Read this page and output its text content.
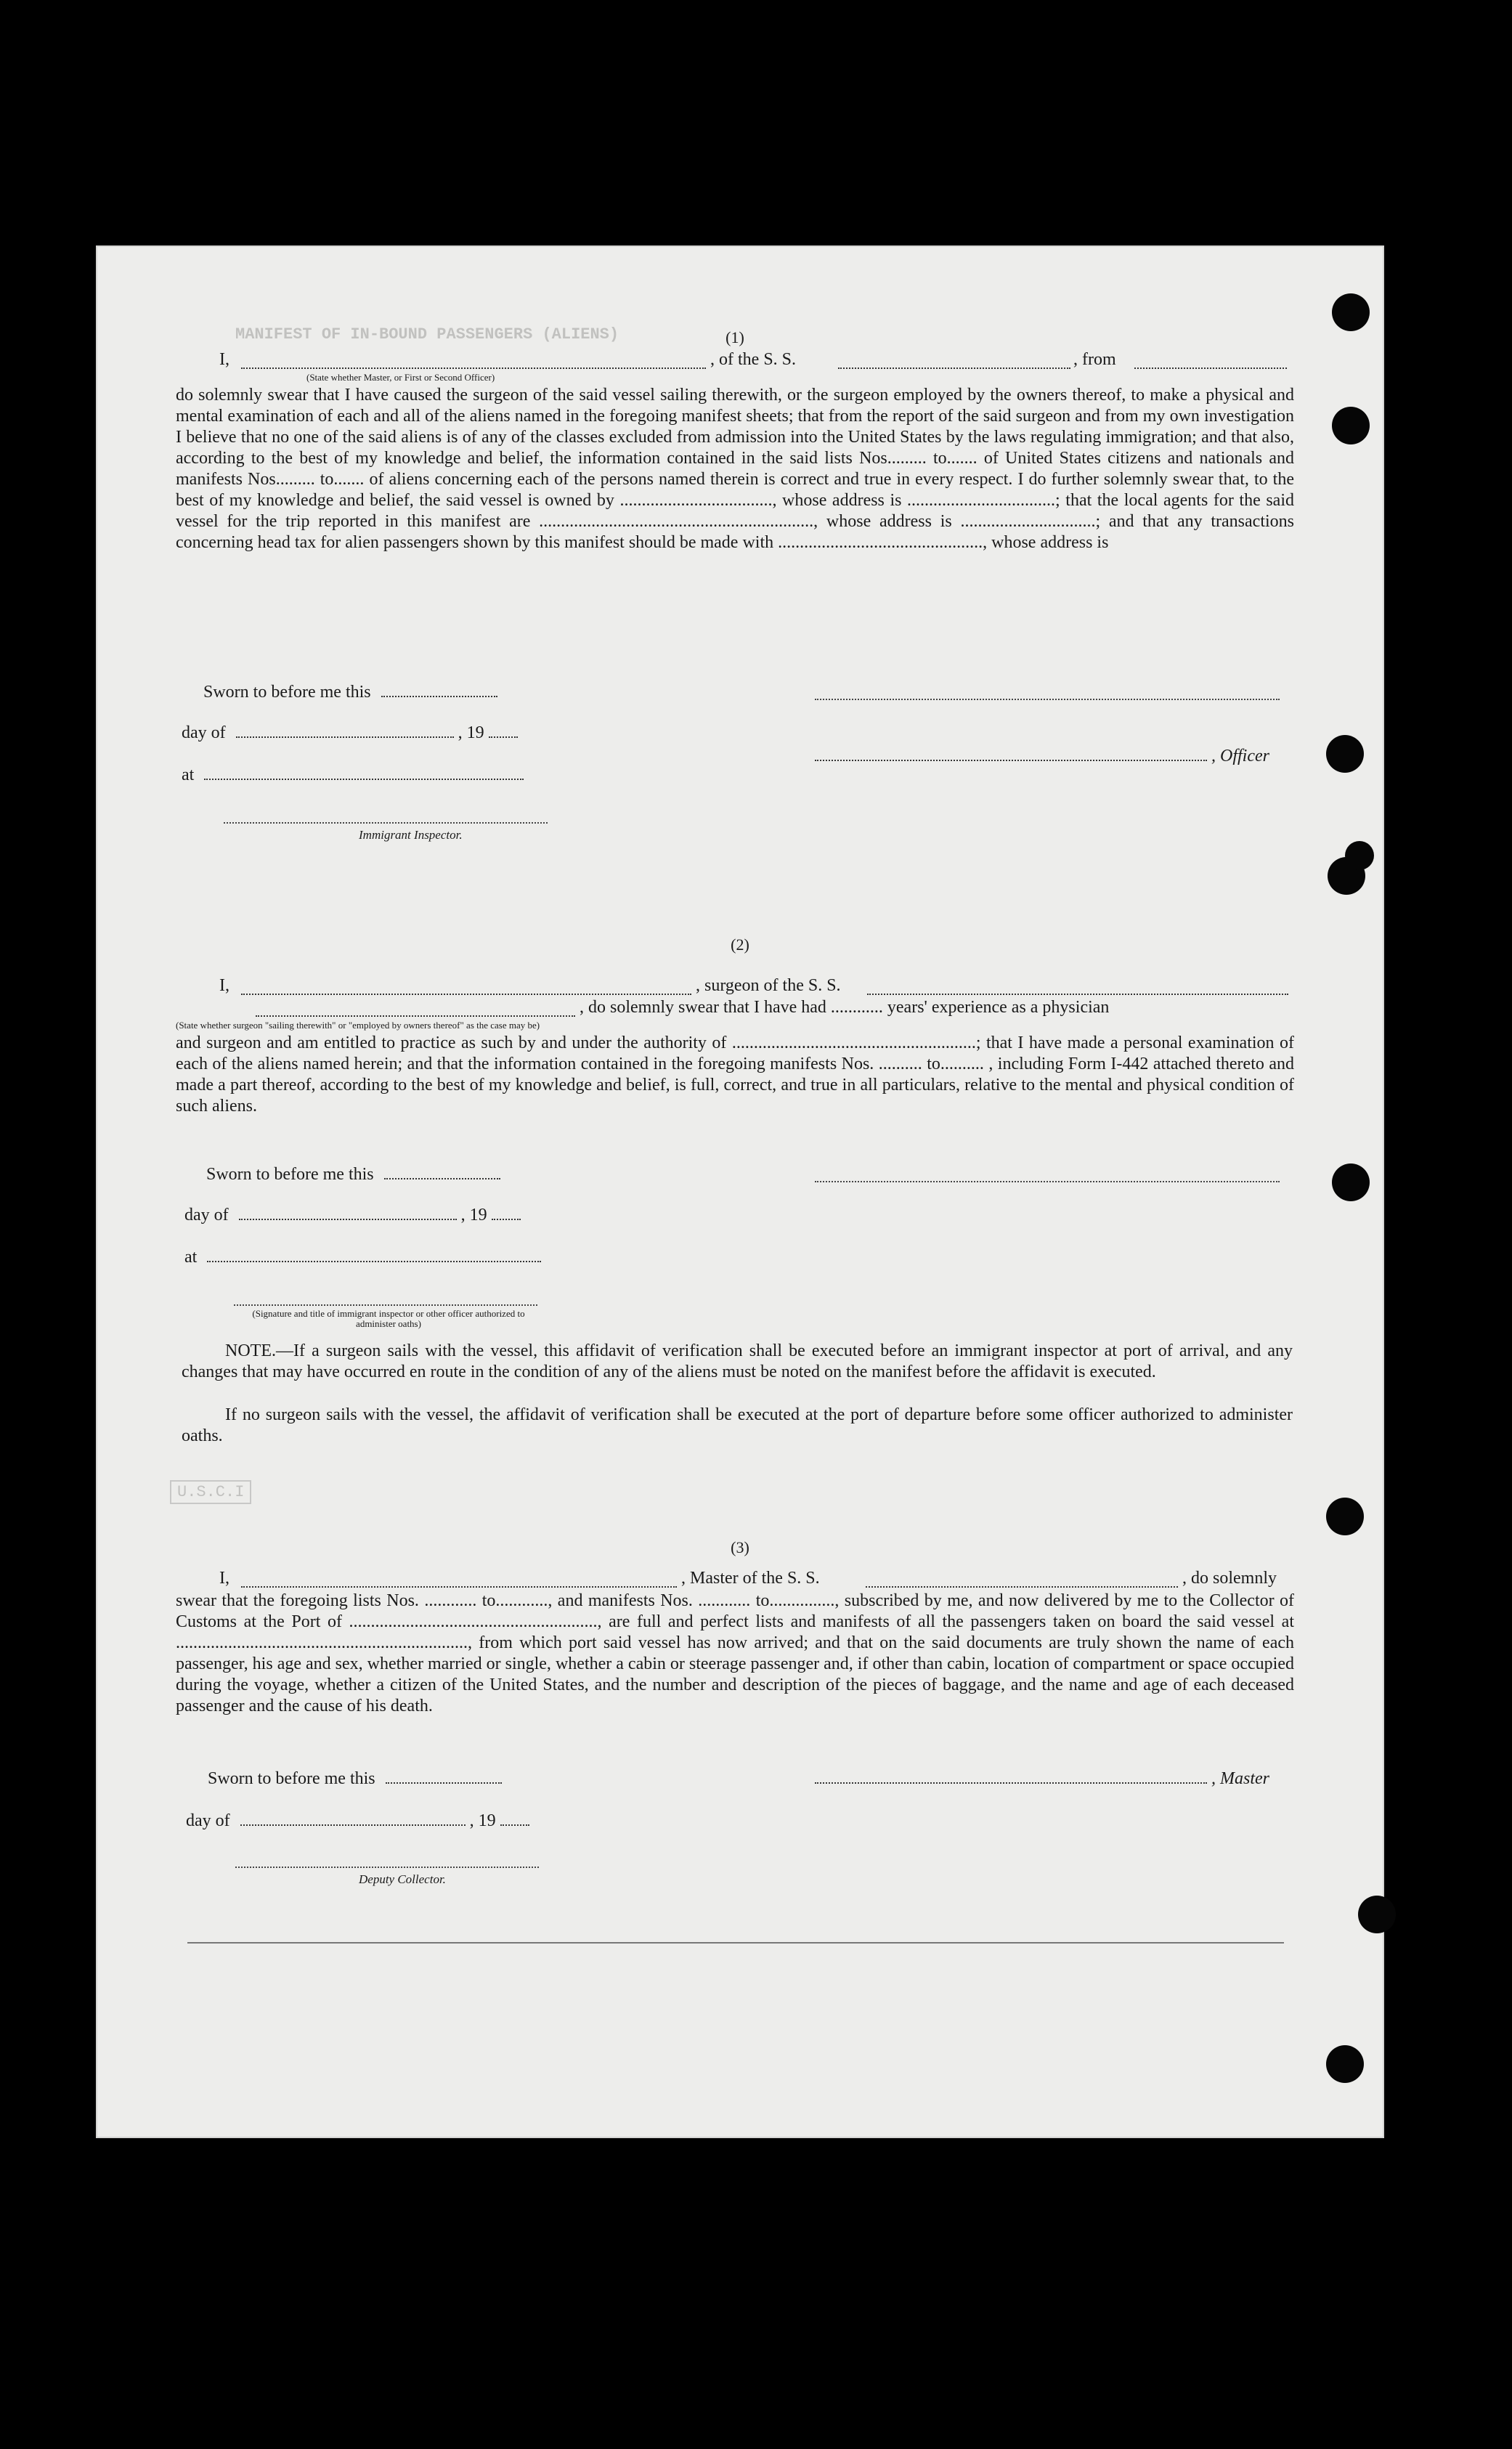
MANIFEST OF IN-BOUND PASSENGERS (ALIENS)
U.S.C.I
(1)
I,	, of the S. S.	, from
(State whether Master, or First or Second Officer)

do solemnly swear that I have caused the surgeon of the said vessel sailing therewith, or the surgeon employed by the owners thereof, to make a physical and mental examination of each and all of the aliens named in the foregoing manifest sheets; that from the report of the said surgeon and from my own investigation I believe that no one of the said aliens is of any of the classes excluded from admission into the United States by the laws regulating immigration; and that also, according to the best of my knowledge and belief, the information contained in the said lists Nos......... to....... of United States citizens and nationals and manifests Nos......... to....... of aliens concerning each of the persons named therein is correct and true in every respect. I do further solemnly swear that, to the best of my knowledge and belief, the said vessel is owned by ..................................., whose address is ..................................; that the local agents for the said vessel for the trip reported in this manifest are ..............................................................., whose address is ...............................; and that any transactions concerning head tax for alien passengers shown by this manifest should be made with ..............................................., whose address is

Sworn to before me this
day of	, 19
at
, Officer
Immigrant Inspector.
(2)
I,	, surgeon of the S. S.
, do solemnly swear that I have had ............ years' experience as a physician
(State whether surgeon "sailing therewith" or "employed by owners thereof" as the case may be)

and surgeon and am entitled to practice as such by and under the authority of ........................................................; that I have made a personal examination of each of the aliens named herein; and that the information contained in the foregoing manifests Nos. .......... to.......... , including Form I-442 attached thereto and made a part thereof, according to the best of my knowledge and belief, is full, correct, and true in all particulars, relative to the mental and physical condition of such aliens.

Sworn to before me this
day of	, 19
at
(Signature and title of immigrant inspector or other officer authorized to administer oaths)

NOTE.—If a surgeon sails with the vessel, this affidavit of verification shall be executed before an immigrant inspector at port of arrival, and any changes that may have occurred en route in the condition of any of the aliens must be noted on the manifest before the affidavit is executed.

If no surgeon sails with the vessel, the affidavit of verification shall be executed at the port of departure before some officer authorized to administer oaths.

(3)
I,	, Master of the S. S.	, do solemnly

swear that the foregoing lists Nos. ............ to............, and manifests Nos. ............ to..............., subscribed by me, and now delivered by me to the Collector of Customs at the Port of ........................................................., are full and perfect lists and manifests of all the passengers taken on board the said vessel at ..................................................................., from which port said vessel has now arrived; and that on the said documents are truly shown the name of each passenger, his age and sex, whether married or single, whether a cabin or steerage passenger and, if other than cabin, location of compartment or space occupied during the voyage, whether a citizen of the United States, and the number and description of the pieces of baggage, and the name and age of each deceased passenger and the cause of his death.

Sworn to before me this	, Master
day of	, 19
Deputy Collector.
